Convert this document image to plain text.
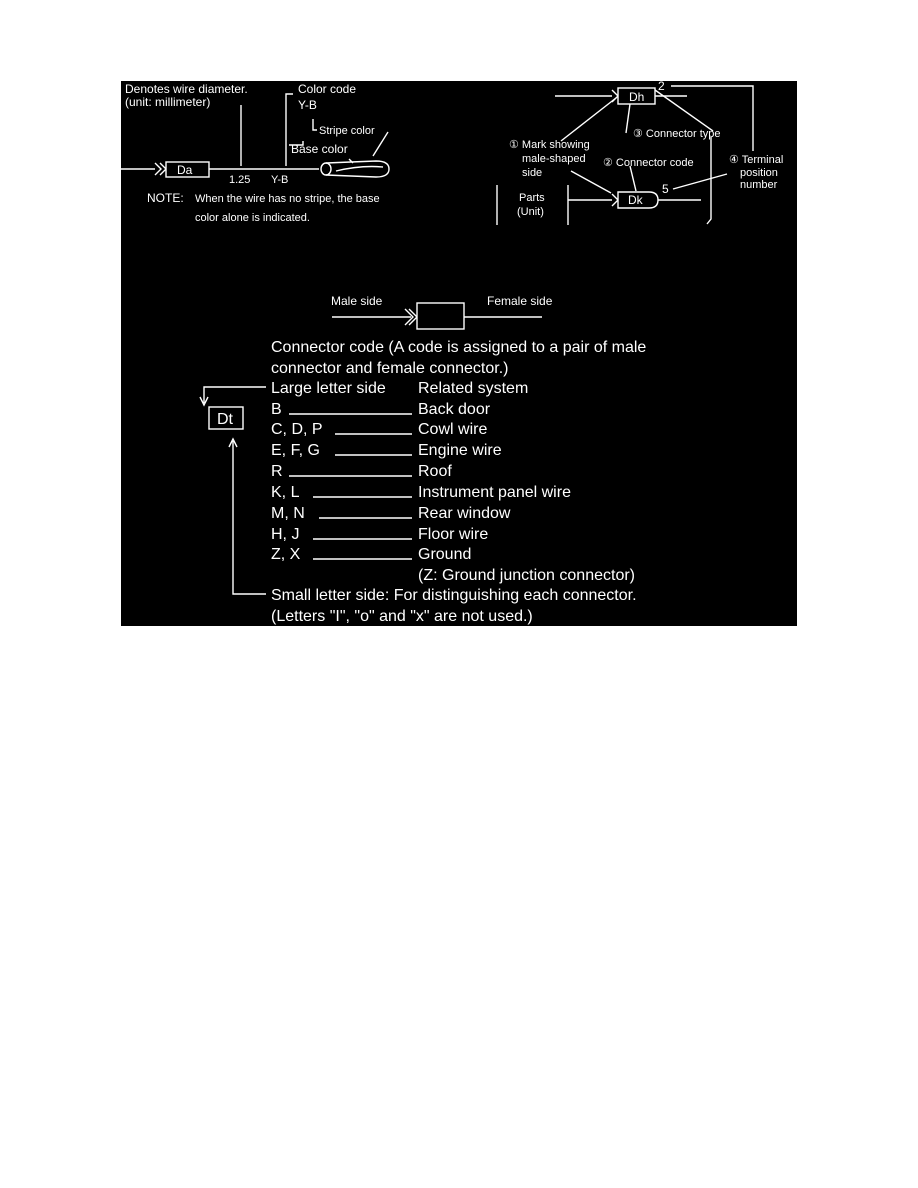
Denotes wire diameter.
(unit: millimeter)
Color code
Y-B
Stripe color
Base color
Da
1.25 Y-B
NOTE: When the wire has no stripe, the base
color alone is indicated.
Dh
2
① Mark showing
male-shaped
side
③ Connector type
② Connector code	④ Terminal
position
number
Parts
(Unit)
Dk
5
Male side	Female side
Connector code (A code is assigned to a pair of male
connector and female connector.)
Large letter side Related system
Dt
B	Back door
C, D, P	Cowl wire
E, F, G	Engine wire
R	Roof
K, L	Instrument panel wire
M, N	Rear window
H, J	Floor wire
Z, X	Ground
(Z: Ground junction connector)
Small letter side: For distinguishing each connector.
(Letters "I", "o" and "x" are not used.)
